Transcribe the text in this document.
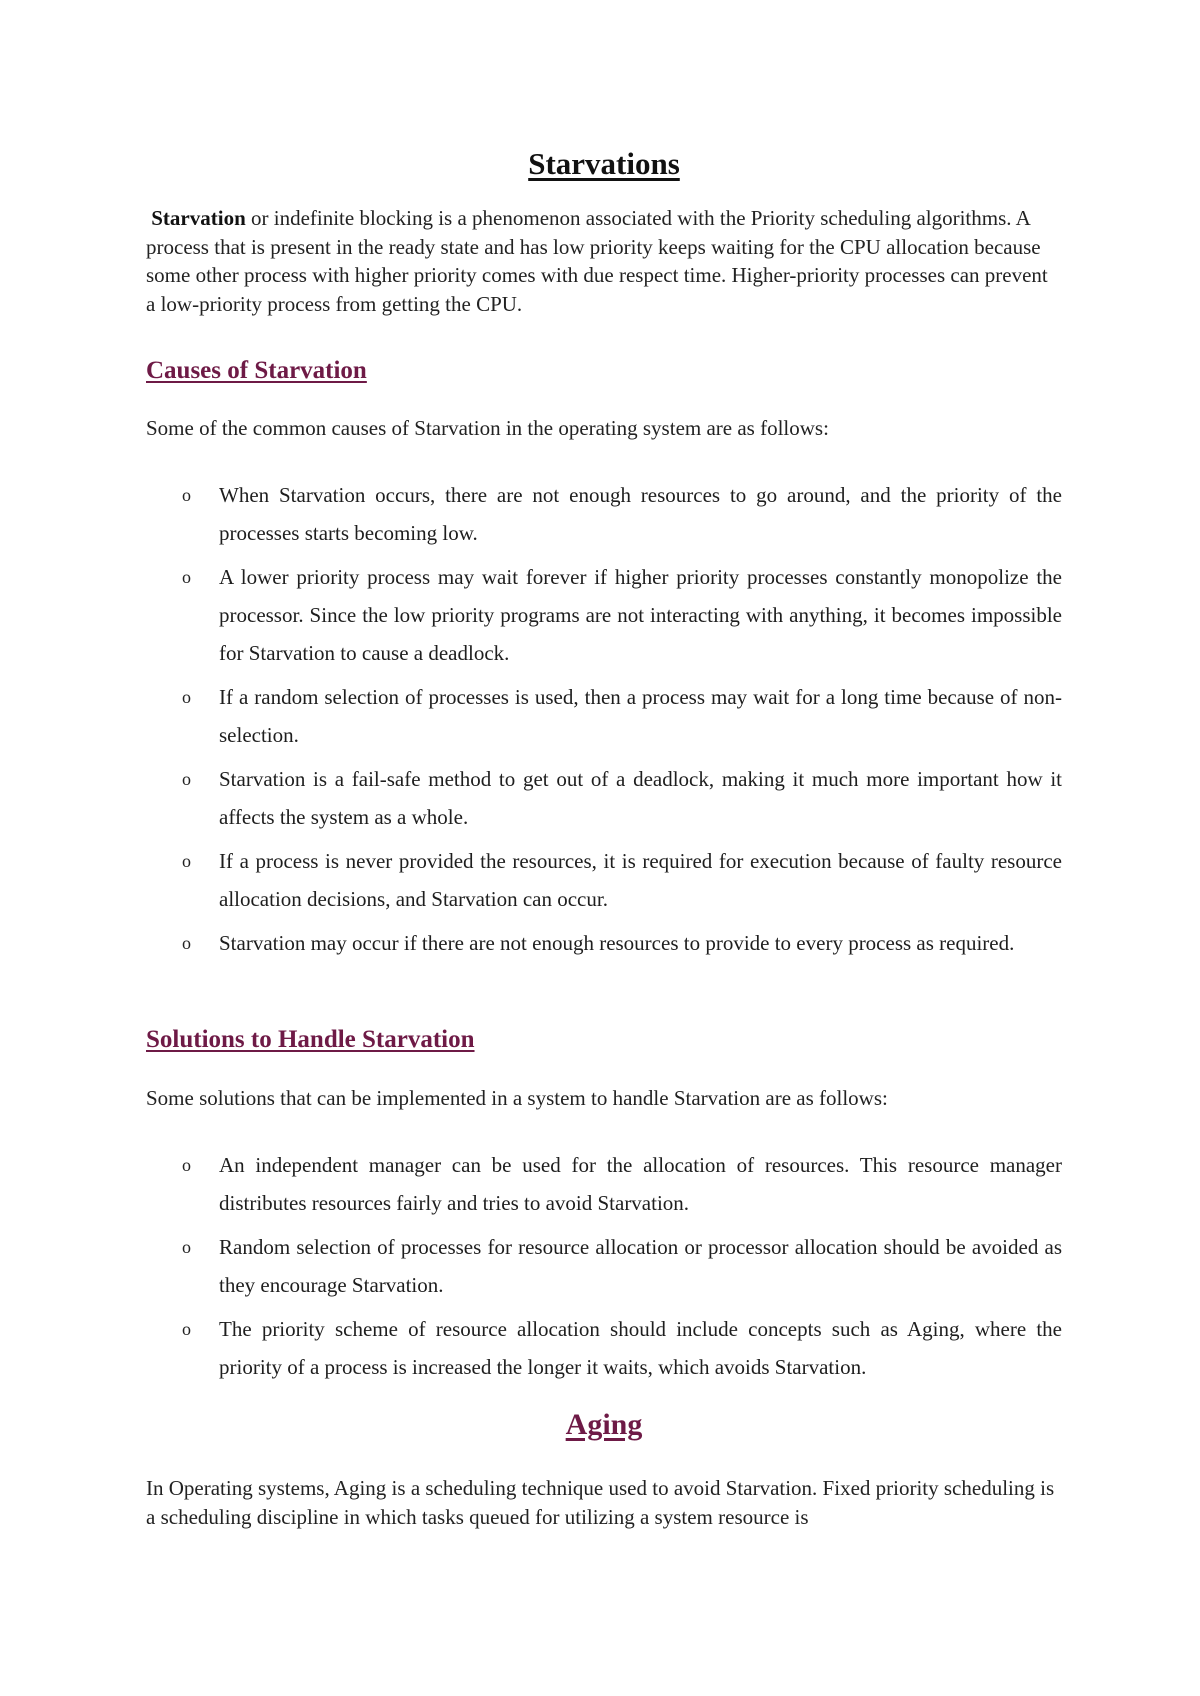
Starvations

Starvation or indefinite blocking is a phenomenon associated with the Priority scheduling algorithms. A process that is present in the ready state and has low priority keeps waiting for the CPU allocation because some other process with higher priority comes with due respect time. Higher-priority processes can prevent a low-priority process from getting the CPU.

Causes of Starvation

Some of the common causes of Starvation in the operating system are as follows:

o When Starvation occurs, there are not enough resources to go around, and the priority of the processes starts becoming low.
o A lower priority process may wait forever if higher priority processes constantly monopolize the processor. Since the low priority programs are not interacting with anything, it becomes impossible for Starvation to cause a deadlock.
o If a random selection of processes is used, then a process may wait for a long time because of non-selection.
o Starvation is a fail-safe method to get out of a deadlock, making it much more important how it affects the system as a whole.
o If a process is never provided the resources, it is required for execution because of faulty resource allocation decisions, and Starvation can occur.
o Starvation may occur if there are not enough resources to provide to every process as required.
Solutions to Handle Starvation

Some solutions that can be implemented in a system to handle Starvation are as follows:

o An independent manager can be used for the allocation of resources. This resource manager distributes resources fairly and tries to avoid Starvation.
o Random selection of processes for resource allocation or processor allocation should be avoided as they encourage Starvation.
o The priority scheme of resource allocation should include concepts such as Aging, where the priority of a process is increased the longer it waits, which avoids Starvation.
Aging

In Operating systems, Aging is a scheduling technique used to avoid Starvation. Fixed priority scheduling is a scheduling discipline in which tasks queued for utilizing a system resource is
